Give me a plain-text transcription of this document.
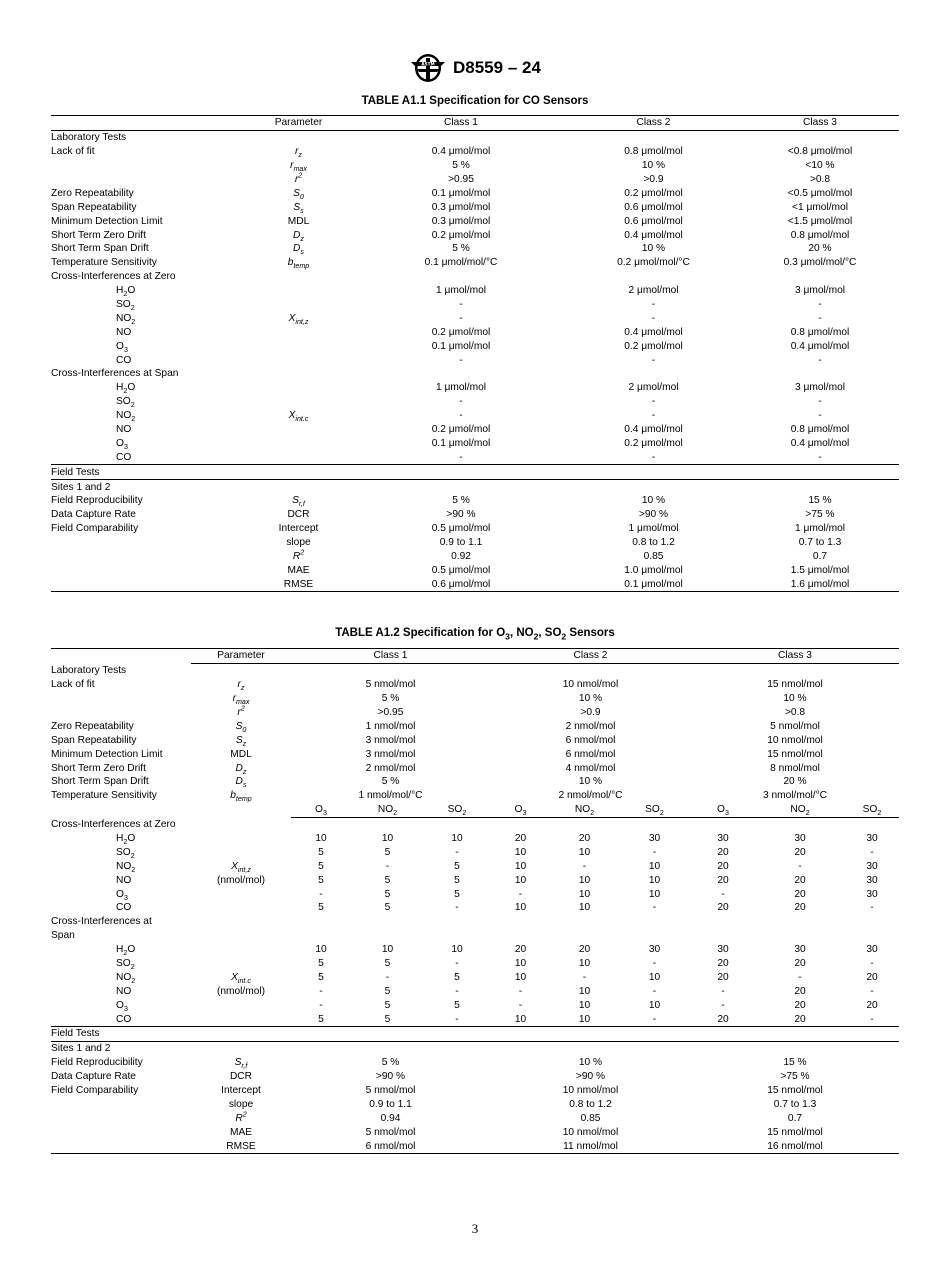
ASTM D8559 – 24
TABLE A1.1 Specification for CO Sensors
	Parameter	Class 1	Class 2	Class 3
Laboratory Tests				
Lack of fit	$r_z$	0.4 μmol/mol	0.8 μmol/mol	<0.8 μmol/mol
	$r_{max}$	5 %	10 %	<10 %
	$r^2$	>0.95	>0.9	>0.8
Zero Repeatability	$S_0$	0.1 μmol/mol	0.2 μmol/mol	<0.5 μmol/mol
Span Repeatability	$S_s$	0.3 μmol/mol	0.6 μmol/mol	<1 μmol/mol
Minimum Detection Limit	MDL	0.3 μmol/mol	0.6 μmol/mol	<1.5 μmol/mol
Short Term Zero Drift	$D_z$	0.2 μmol/mol	0.4 μmol/mol	0.8 μmol/mol
Short Term Span Drift	$D_s$	5 %	10 %	20 %
Temperature Sensitivity	$b_{temp}$	0.1 μmol/mol/°C	0.2 μmol/mol/°C	0.3 μmol/mol/°C
Cross-Interferences at Zero				
$H_2O$		1 μmol/mol	2 μmol/mol	3 μmol/mol
$SO_2$		-	-	-
$NO_2$	$X_{int,z}$	-	-	-
NO		0.2 μmol/mol	0.4 μmol/mol	0.8 μmol/mol
$O_3$		0.1 μmol/mol	0.2 μmol/mol	0.4 μmol/mol
CO		-	-	-
Cross-Interferences at Span				
$H_2O$		1 μmol/mol	2 μmol/mol	3 μmol/mol
$SO_2$		-	-	-
$NO_2$	$X_{int.c}$	-	-	-
NO		0.2 μmol/mol	0.4 μmol/mol	0.8 μmol/mol
$O_3$		0.1 μmol/mol	0.2 μmol/mol	0.4 μmol/mol
CO		-	-	-
Field Tests				
Sites 1 and 2				
Field Reproducibility	$S_{r,f}$	5 %	10 %	15 %
Data Capture Rate	DCR	>90 %	>90 %	>75 %
Field Comparability	Intercept	0.5 μmol/mol	1 μmol/mol	1 μmol/mol
	slope	0.9 to 1.1	0.8 to 1.2	0.7 to 1.3
	$R^2$	0.92	0.85	0.7
	MAE	0.5 μmol/mol	1.0 μmol/mol	1.5 μmol/mol
	RMSE	0.6 μmol/mol	0.1 μmol/mol	1.6 μmol/mol
TABLE A1.2 Specification for $O_3$, $NO_2$, $SO_2$ Sensors
	Parameter	Class 1			Class 2			Class 3		
Laboratory Tests										
Lack of fit	$r_z$	5 nmol/mol			10 nmol/mol			15 nmol/mol		
	$r_{max}$	5 %			10 %			10 %		
	$r^2$	>0.95			>0.9			>0.8		
Zero Repeatability	$S_0$	1 nmol/mol			2 nmol/mol			5 nmol/mol		
Span Repeatability	$S_z$	3 nmol/mol			6 nmol/mol			10 nmol/mol		
Minimum Detection Limit	MDL	3 nmol/mol			6 nmol/mol			15 nmol/mol		
Short Term Zero Drift	$D_z$	2 nmol/mol			4 nmol/mol			8 nmol/mol		
Short Term Span Drift	$D_s$	5 %			10 %			20 %		
Temperature Sensitivity	$b_{temp}$	1 nmol/mol/°C			2 nmol/mol/°C			3 nmol/mol/°C		
		$O_3$	$NO_2$	$SO_2$	$O_3$	$NO_2$	$SO_2$	$O_3$	$NO_2$	$SO_2$
Cross-Interferences at Zero										
$H_2O$		10	10	10	20	20	30	30	30	30
$SO_2$		5	5	-	10	10	-	20	20	-
$NO_2$	$X_{int,z}$	5	-	5	10	-	10	20	-	30
NO	(nmol/mol)	5	5	5	10	10	10	20	20	30
$O_3$		-	5	5	-	10	10	-	20	30
CO		5	5	-	10	10	-	20	20	-
Cross-Interferences at										
Span										
$H_2O$		10	10	10	20	20	30	30	30	30
$SO_2$		5	5	-	10	10	-	20	20	-
$NO_2$	$X_{int.c}$	5	-	5	10	-	10	20	-	20
NO	(nmol/mol)	-	5	-	-	10	-	-	20	-
$O_3$		-	5	5	-	10	10	-	20	20
CO		5	5	-	10	10	-	20	20	-
Field Tests										
Sites 1 and 2										
Field Reproducibility	$S_{r,f}$	5 %			10 %			15 %		
Data Capture Rate	DCR	>90 %			>90 %			>75 %		
Field Comparability	Intercept	5 nmol/mol			10 nmol/mol			15 nmol/mol		
	slope	0.9 to 1.1			0.8 to 1.2			0.7 to 1.3		
	$R^2$	0.94			0.85			0.7		
	MAE	5 nmol/mol			10 nmol/mol			15 nmol/mol		
	RMSE	6 nmol/mol			11 nmol/mol			16 nmol/mol		
3
